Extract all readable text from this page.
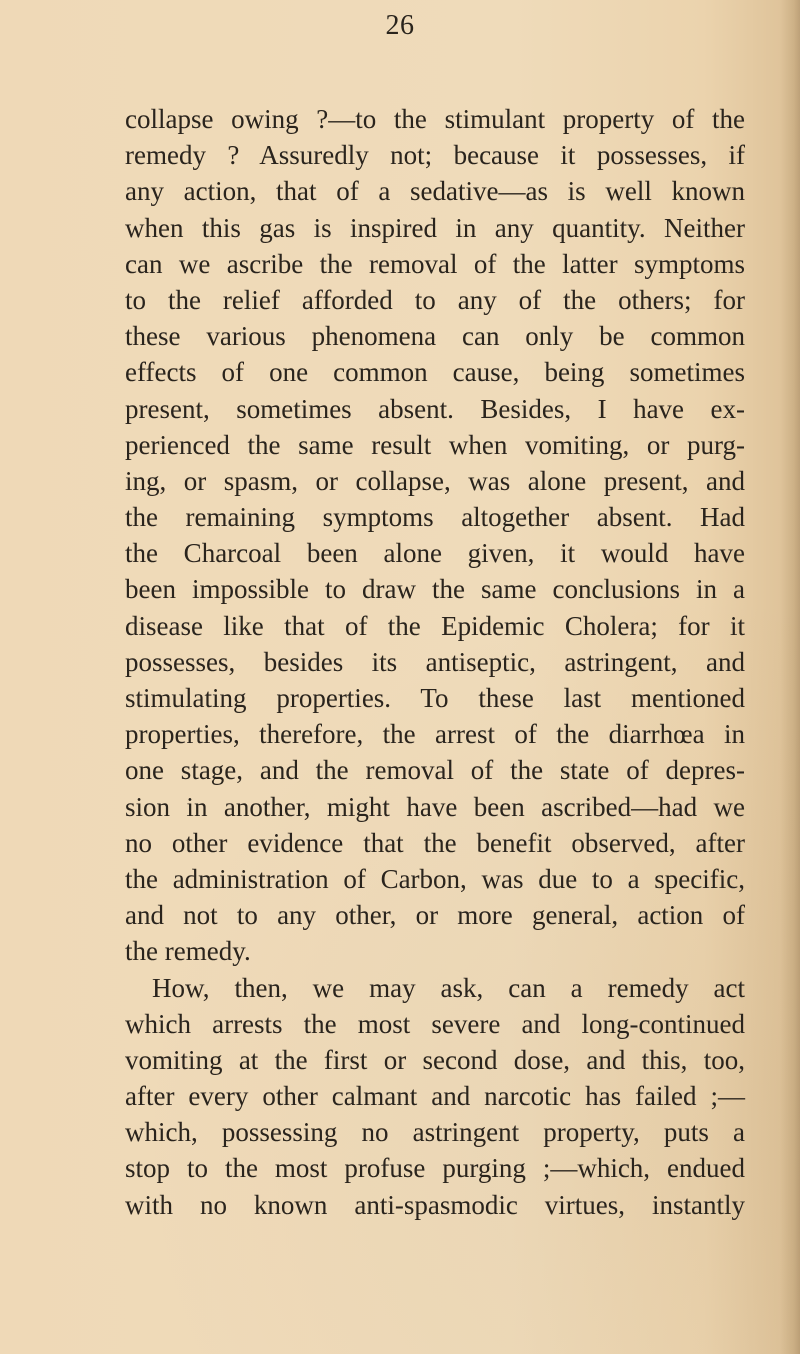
26
collapse owing ?—to the stimulant property of the
remedy ? Assuredly not; because it possesses, if
any action, that of a sedative—as is well known
when this gas is inspired in any quantity. Neither
can we ascribe the removal of the latter symptoms
to the relief afforded to any of the others; for
these various phenomena can only be common
effects of one common cause, being sometimes
present, sometimes absent. Besides, I have ex-
perienced the same result when vomiting, or purg-
ing, or spasm, or collapse, was alone present, and
the remaining symptoms altogether absent. Had
the Charcoal been alone given, it would have
been impossible to draw the same conclusions in a
disease like that of the Epidemic Cholera; for it
possesses, besides its antiseptic, astringent, and
stimulating properties. To these last mentioned
properties, therefore, the arrest of the diarrhœa in
one stage, and the removal of the state of depres-
sion in another, might have been ascribed—had we
no other evidence that the benefit observed, after
the administration of Carbon, was due to a specific,
and not to any other, or more general, action of
the remedy.
How, then, we may ask, can a remedy act
which arrests the most severe and long-continued
vomiting at the first or second dose, and this, too,
after every other calmant and narcotic has failed ;—
which, possessing no astringent property, puts a
stop to the most profuse purging ;—which, endued
with no known anti-spasmodic virtues, instantly
